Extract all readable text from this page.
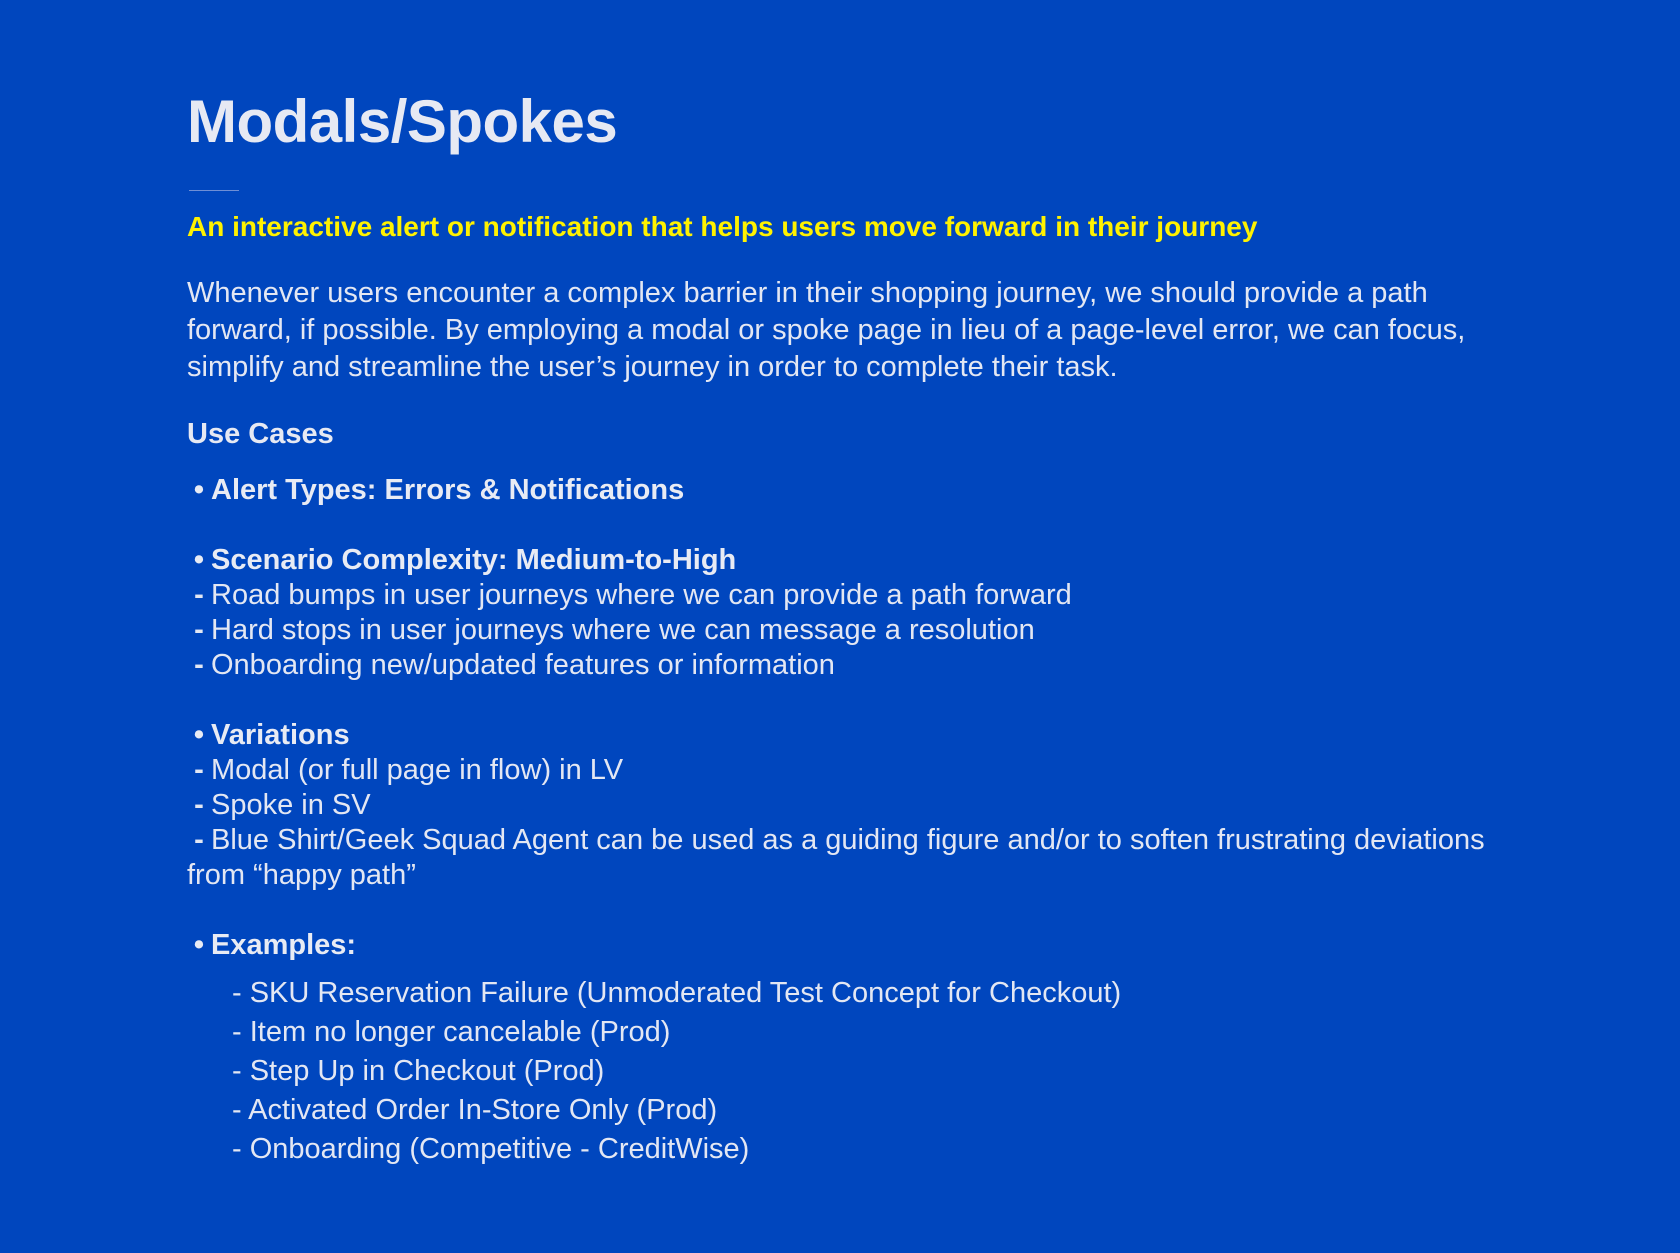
Modals/Spokes

An interactive alert or notification that helps users move forward in their journey

Whenever users encounter a complex barrier in their shopping journey, we should provide a path forward, if possible. By employing a modal or spoke page in lieu of a page-level error, we can focus, simplify and streamline the user’s journey in order to complete their task.

Use Cases
• Alert Types: Errors & Notifications
• Scenario Complexity: Medium-to-High
- Road bumps in user journeys where we can provide a path forward
- Hard stops in user journeys where we can message a resolution
- Onboarding new/updated features or information
• Variations
- Modal (or full page in flow) in LV
- Spoke in SV
- Blue Shirt/Geek Squad Agent can be used as a guiding figure and/or to soften frustrating deviations from “happy path”
• Examples:
- SKU Reservation Failure (Unmoderated Test Concept for Checkout)
- Item no longer cancelable (Prod)
- Step Up in Checkout (Prod)
- Activated Order In-Store Only (Prod)
- Onboarding (Competitive - CreditWise)
